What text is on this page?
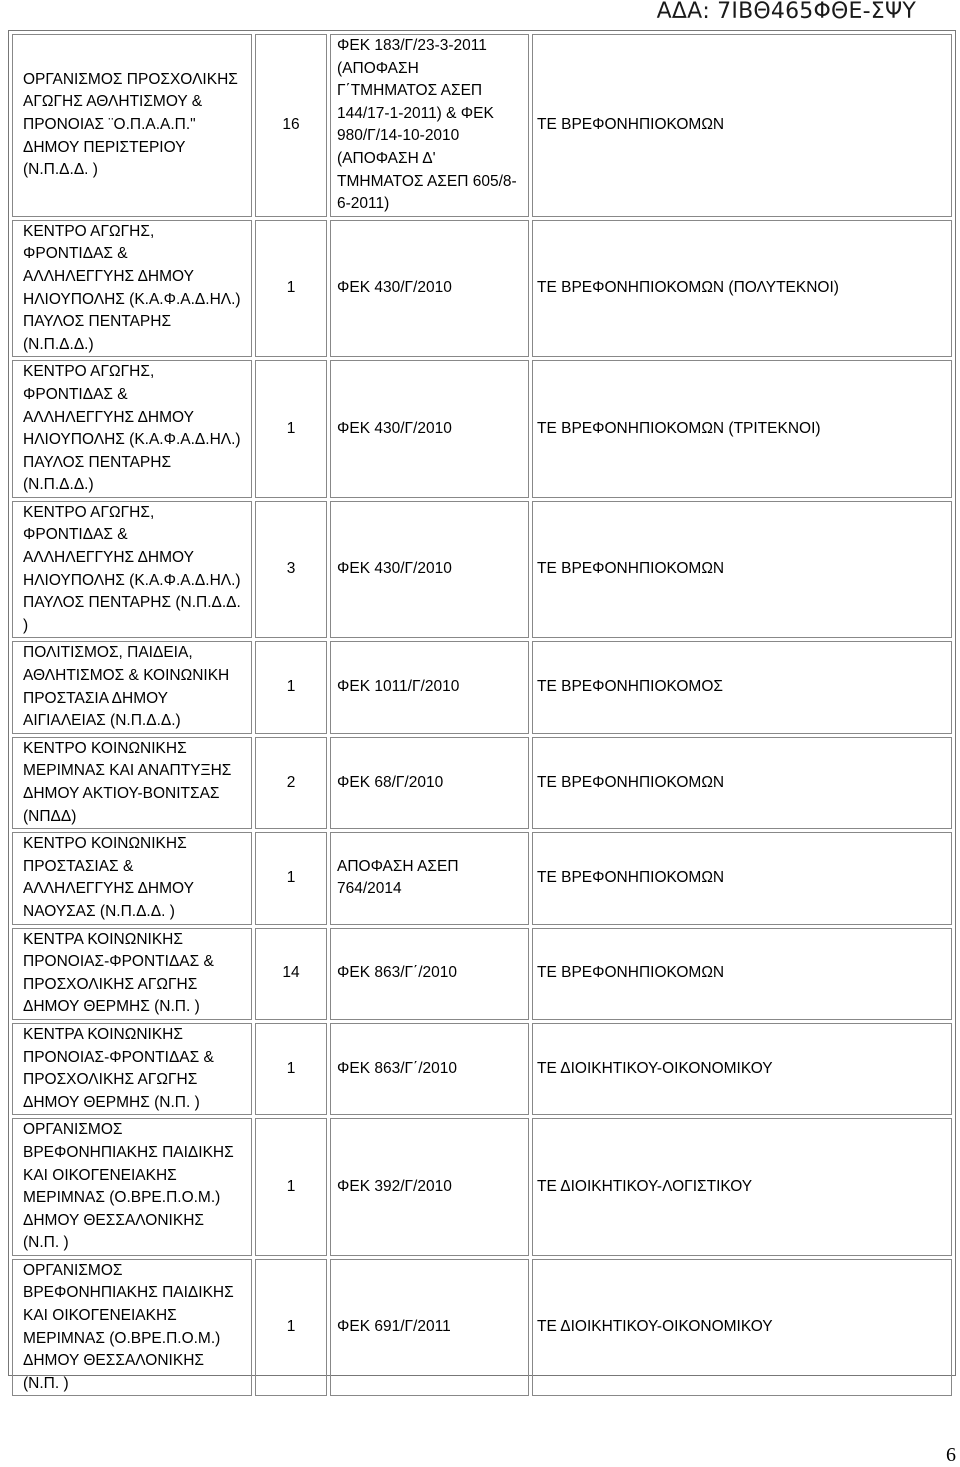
ΑΔΑ: 7ΙΒΘ465ΦΘΕ-ΣΨΥ
ΟΡΓΑΝΙΣΜΟΣ ΠΡΟΣΧΟΛΙΚΗΣ ΑΓΩΓΗΣ ΑΘΛΗΤΙΣΜΟΥ & ΠΡΟΝΟΙΑΣ ¨Ο.Π.Α.Α.Π." ΔΗΜΟΥ ΠΕΡΙΣΤΕΡΙΟΥ (Ν.Π.Δ.Δ. )	16	ΦΕΚ 183/Γ/23-3-2011 (ΑΠΟΦΑΣΗ Γ΄ΤΜΗΜΑΤΟΣ ΑΣΕΠ 144/17-1-2011) & ΦΕΚ 980/Γ/14-10-2010 (ΑΠΟΦΑΣΗ Δ' ΤΜΗΜΑΤΟΣ ΑΣΕΠ 605/8-6-2011)	ΤΕ ΒΡΕΦΟΝΗΠΙΟΚΟΜΩΝ
ΚΕΝΤΡΟ ΑΓΩΓΗΣ, ΦΡΟΝΤΙΔΑΣ & ΑΛΛΗΛΕΓΓΥΗΣ ΔΗΜΟΥ ΗΛΙΟΥΠΟΛΗΣ (Κ.Α.Φ.Α.Δ.ΗΛ.) ΠΑΥΛΟΣ ΠΕΝΤΑΡΗΣ (Ν.Π.Δ.Δ.)	1	ΦΕΚ 430/Γ/2010	ΤΕ ΒΡΕΦΟΝΗΠΙΟΚΟΜΩΝ (ΠΟΛΥΤΕΚΝΟΙ)
ΚΕΝΤΡΟ ΑΓΩΓΗΣ, ΦΡΟΝΤΙΔΑΣ & ΑΛΛΗΛΕΓΓΥΗΣ ΔΗΜΟΥ ΗΛΙΟΥΠΟΛΗΣ (Κ.Α.Φ.Α.Δ.ΗΛ.) ΠΑΥΛΟΣ ΠΕΝΤΑΡΗΣ (Ν.Π.Δ.Δ.)	1	ΦΕΚ 430/Γ/2010	ΤΕ ΒΡΕΦΟΝΗΠΙΟΚΟΜΩΝ (ΤΡΙΤΕΚΝΟΙ)
ΚΕΝΤΡΟ ΑΓΩΓΗΣ, ΦΡΟΝΤΙΔΑΣ & ΑΛΛΗΛΕΓΓΥΗΣ ΔΗΜΟΥ ΗΛΙΟΥΠΟΛΗΣ (Κ.Α.Φ.Α.Δ.ΗΛ.) ΠΑΥΛΟΣ ΠΕΝΤΑΡΗΣ (Ν.Π.Δ.Δ. )	3	ΦΕΚ 430/Γ/2010	ΤΕ ΒΡΕΦΟΝΗΠΙΟΚΟΜΩΝ
ΠΟΛΙΤΙΣΜΟΣ, ΠΑΙΔΕΙΑ, ΑΘΛΗΤΙΣΜΟΣ & ΚΟΙΝΩΝΙΚΗ ΠΡΟΣΤΑΣΙΑ ΔΗΜΟΥ ΑΙΓΙΑΛΕΙΑΣ (Ν.Π.Δ.Δ.)	1	ΦΕΚ 1011/Γ/2010	ΤΕ ΒΡΕΦΟΝΗΠΙΟΚΟΜΟΣ
ΚΕΝΤΡΟ ΚΟΙΝΩΝΙΚΗΣ ΜΕΡΙΜΝΑΣ ΚΑΙ ΑΝΑΠΤΥΞΗΣ ΔΗΜΟΥ ΑΚΤΙΟΥ-ΒΟΝΙΤΣΑΣ (ΝΠΔΔ)	2	ΦΕΚ 68/Γ/2010	ΤΕ ΒΡΕΦΟΝΗΠΙΟΚΟΜΩΝ
ΚΕΝΤΡΟ ΚΟΙΝΩΝΙΚΗΣ ΠΡΟΣΤΑΣΙΑΣ & ΑΛΛΗΛΕΓΓΥΗΣ ΔΗΜΟΥ ΝΑΟΥΣΑΣ (Ν.Π.Δ.Δ. )	1	ΑΠΟΦΑΣΗ ΑΣΕΠ 764/2014	ΤΕ ΒΡΕΦΟΝΗΠΙΟΚΟΜΩΝ
ΚΕΝΤΡΑ ΚΟΙΝΩΝΙΚΗΣ ΠΡΟΝΟΙΑΣ-ΦΡΟΝΤΙΔΑΣ & ΠΡΟΣΧΟΛΙΚΗΣ ΑΓΩΓΗΣ ΔΗΜΟΥ ΘΕΡΜΗΣ (Ν.Π. )	14	ΦΕΚ 863/Γ΄/2010	ΤΕ ΒΡΕΦΟΝΗΠΙΟΚΟΜΩΝ
ΚΕΝΤΡΑ ΚΟΙΝΩΝΙΚΗΣ ΠΡΟΝΟΙΑΣ-ΦΡΟΝΤΙΔΑΣ & ΠΡΟΣΧΟΛΙΚΗΣ ΑΓΩΓΗΣ ΔΗΜΟΥ ΘΕΡΜΗΣ (Ν.Π. )	1	ΦΕΚ 863/Γ΄/2010	ΤΕ ΔΙΟΙΚΗΤΙΚΟΥ-ΟΙΚΟΝΟΜΙΚΟΥ
ΟΡΓΑΝΙΣΜΟΣ ΒΡΕΦΟΝΗΠΙΑΚΗΣ ΠΑΙΔΙΚΗΣ ΚΑΙ ΟΙΚΟΓΕΝΕΙΑΚΗΣ ΜΕΡΙΜΝΑΣ (Ο.ΒΡΕ.Π.Ο.Μ.) ΔΗΜΟΥ ΘΕΣΣΑΛΟΝΙΚΗΣ (Ν.Π. )	1	ΦΕΚ 392/Γ/2010	ΤΕ ΔΙΟΙΚΗΤΙΚΟΥ-ΛΟΓΙΣΤΙΚΟΥ
ΟΡΓΑΝΙΣΜΟΣ ΒΡΕΦΟΝΗΠΙΑΚΗΣ ΠΑΙΔΙΚΗΣ ΚΑΙ ΟΙΚΟΓΕΝΕΙΑΚΗΣ ΜΕΡΙΜΝΑΣ (Ο.ΒΡΕ.Π.Ο.Μ.) ΔΗΜΟΥ ΘΕΣΣΑΛΟΝΙΚΗΣ (Ν.Π. )	1	ΦΕΚ 691/Γ/2011	ΤΕ ΔΙΟΙΚΗΤΙΚΟΥ-ΟΙΚΟΝΟΜΙΚΟΥ
6
